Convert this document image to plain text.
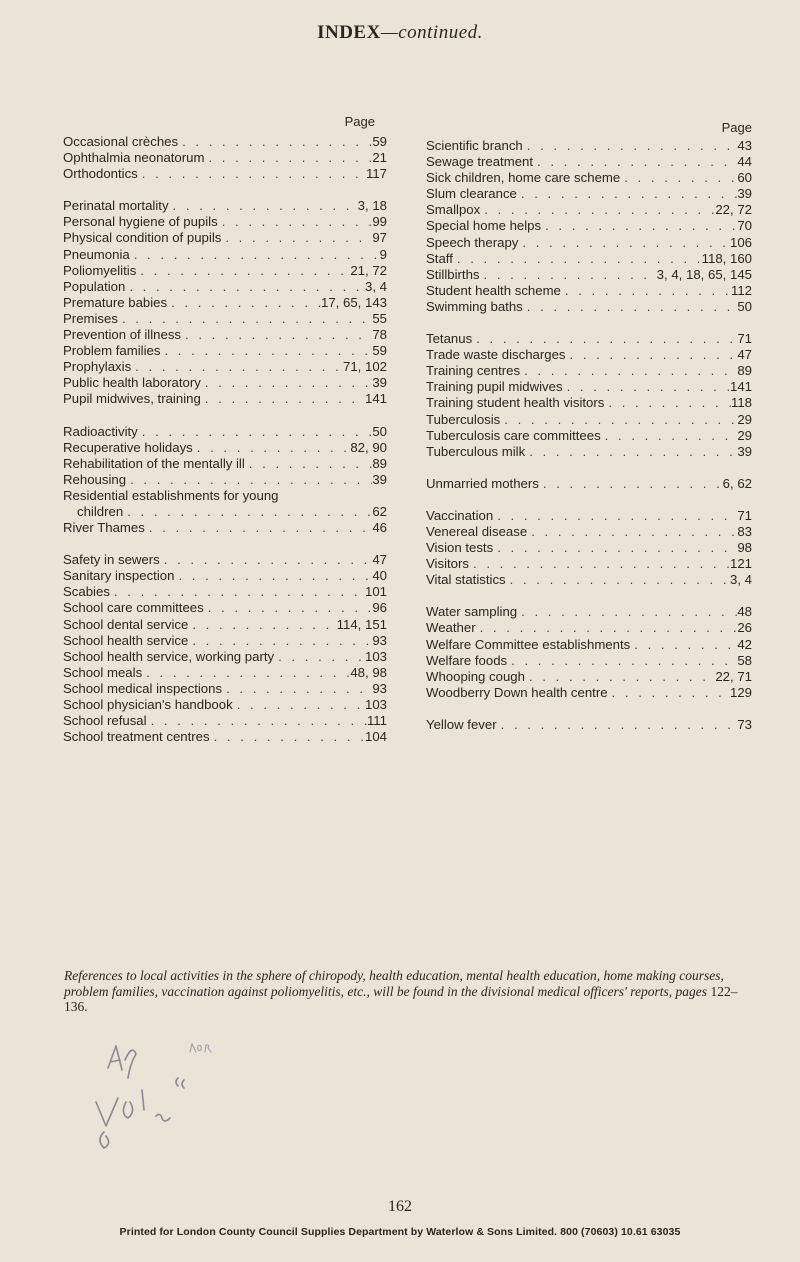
INDEX—continued.
Page
Occasional crèches . . .	59
Ophthalmia neonatorum . . .	21
Orthodontics . . .	117
Perinatal mortality . . .	3, 18
Personal hygiene of pupils . . .	99
Physical condition of pupils . . .	97
Pneumonia . . .	9
Poliomyelitis . . .	21, 72
Population . . .	3, 4
Premature babies . . .	17, 65, 143
Premises . . .	55
Prevention of illness . . .	78
Problem families . . .	59
Prophylaxis . . .	71, 102
Public health laboratory . . .	39
Pupil midwives, training . . .	141
Radioactivity . . .	50
Recuperative holidays . . .	82, 90
Rehabilitation of the mentally ill . . .	89
Rehousing . . .	39
Residential establishments for young
children . . .	62
River Thames . . .	46
Safety in sewers . . .	47
Sanitary inspection . . .	40
Scabies . . .	101
School care committees . . .	96
School dental service . . .	114, 151
School health service . . .	93
School health service, working party . . .	103
School meals . . .	48, 98
School medical inspections . . .	93
School physician's handbook . . .	103
School refusal . . .	111
School treatment centres . . .	104
Page
Scientific branch . . .	43
Sewage treatment . . .	44
Sick children, home care scheme . . .	60
Slum clearance . . .	39
Smallpox . . .	22, 72
Special home helps . . .	70
Speech therapy . . .	106
Staff . . .	118, 160
Stillbirths . . .	3, 4, 18, 65, 145
Student health scheme . . .	112
Swimming baths . . .	50
Tetanus . . .	71
Trade waste discharges . . .	47
Training centres . . .	89
Training pupil midwives . . .	141
Training student health visitors . . .	118
Tuberculosis . . .	29
Tuberculosis care committees . . .	29
Tuberculous milk . . .	39
Unmarried mothers . . .	6, 62
Vaccination . . .	71
Venereal disease . . .	83
Vision tests . . .	98
Visitors . . .	121
Vital statistics . . .	3, 4
Water sampling . . .	48
Weather . . .	26
Welfare Committee establishments . . .	42
Welfare foods . . .	58
Whooping cough . . .	22, 71
Woodberry Down health centre . . .	129
Yellow fever . . .	73
References to local activities in the sphere of chiropody, health education, mental health education, home making courses, problem families, vaccination against poliomyelitis, etc., will be found in the divisional medical officers' reports, pages 122–136.
162
Printed for London County Council Supplies Department by Waterlow & Sons Limited. 800 (70603) 10.61 63035
